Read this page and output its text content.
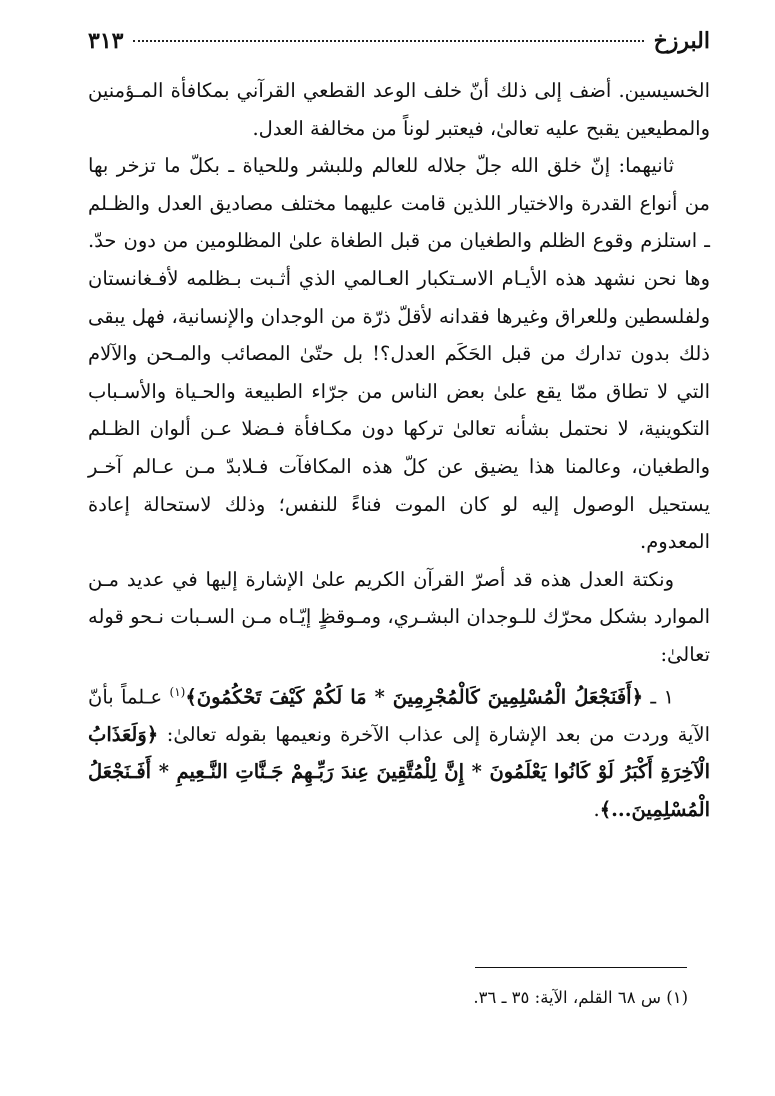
البرزخ
٣١٣

الخسيسين. أضف إلى ذلك أنّ خلف الوعد القطعي القرآني بمكافأة المـؤمنين والمطيعين يقبح عليه تعالىٰ، فيعتبر لوناً من مخالفة العدل.

ثانيهما: إنّ خلق الله جلّ جلاله للعالم وللبشر وللحياة ـ بكلّ ما تزخر بها من أنواع القدرة والاختيار اللذين قامت عليهما مختلف مصاديق العدل والظـلم ـ استلزم وقوع الظلم والطغيان من قبل الطغاة علىٰ المظلومين من دون حدّ. وها نحن نشهد هذه الأيـام الاسـتكبار العـالمي الذي أثـبت بـظلمه لأفـغانستان ولفلسطين وللعراق وغيرها فقدانه لأقلّ ذرّة من الوجدان والإنسانية، فهل يبقى ذلك بدون تدارك من قبل الحَكَم العدل؟! بل حتّىٰ المصائب والمـحن والآلام التي لا تطاق ممّا يقع علىٰ بعض الناس من جرّاء الطبيعة والحـياة والأسـباب التكوينية، لا نحتمل بشأنه تعالىٰ تركها دون مكـافأة فـضلا عـن ألوان الظـلم والطغيان، وعالمنا هذا يضيق عن كلّ هذه المكافآت فـلابدّ مـن عـالم آخـر يستحيل الوصول إليه لو كان الموت فناءً للنفس؛ وذلك لاستحالة إعادة المعدوم.

ونكتة العدل هذه قد أصرّ القرآن الكريم علىٰ الإشارة إليها في عديد مـن الموارد بشكل محرّك للـوجدان البشـري، ومـوقظٍ إيّـاه مـن السـبات نـحو قوله تعالىٰ:

١ ـ ﴿أَفَنَجْعَلُ الْمُسْلِمِينَ كَالْمُجْرِمِينَ * مَا لَكُمْ كَيْفَ تَحْكُمُونَ﴾$^{(١)}$ عـلماً بأنّ الآية وردت من بعد الإشارة إلى عذاب الآخرة ونعيمها بقوله تعالىٰ: ﴿وَلَعَذَابُ الْآخِرَةِ أَكْبَرُ لَوْ كَانُوا يَعْلَمُونَ * إِنَّ لِلْمُتَّقِينَ عِندَ رَبِّـهِمْ جَـنَّاتِ النَّـعِيمِ * أَفَـنَجْعَلُ الْمُسْلِمِينَ...﴾.

(١) س ٦٨ القلم، الآية: ٣٥ ـ ٣٦.
